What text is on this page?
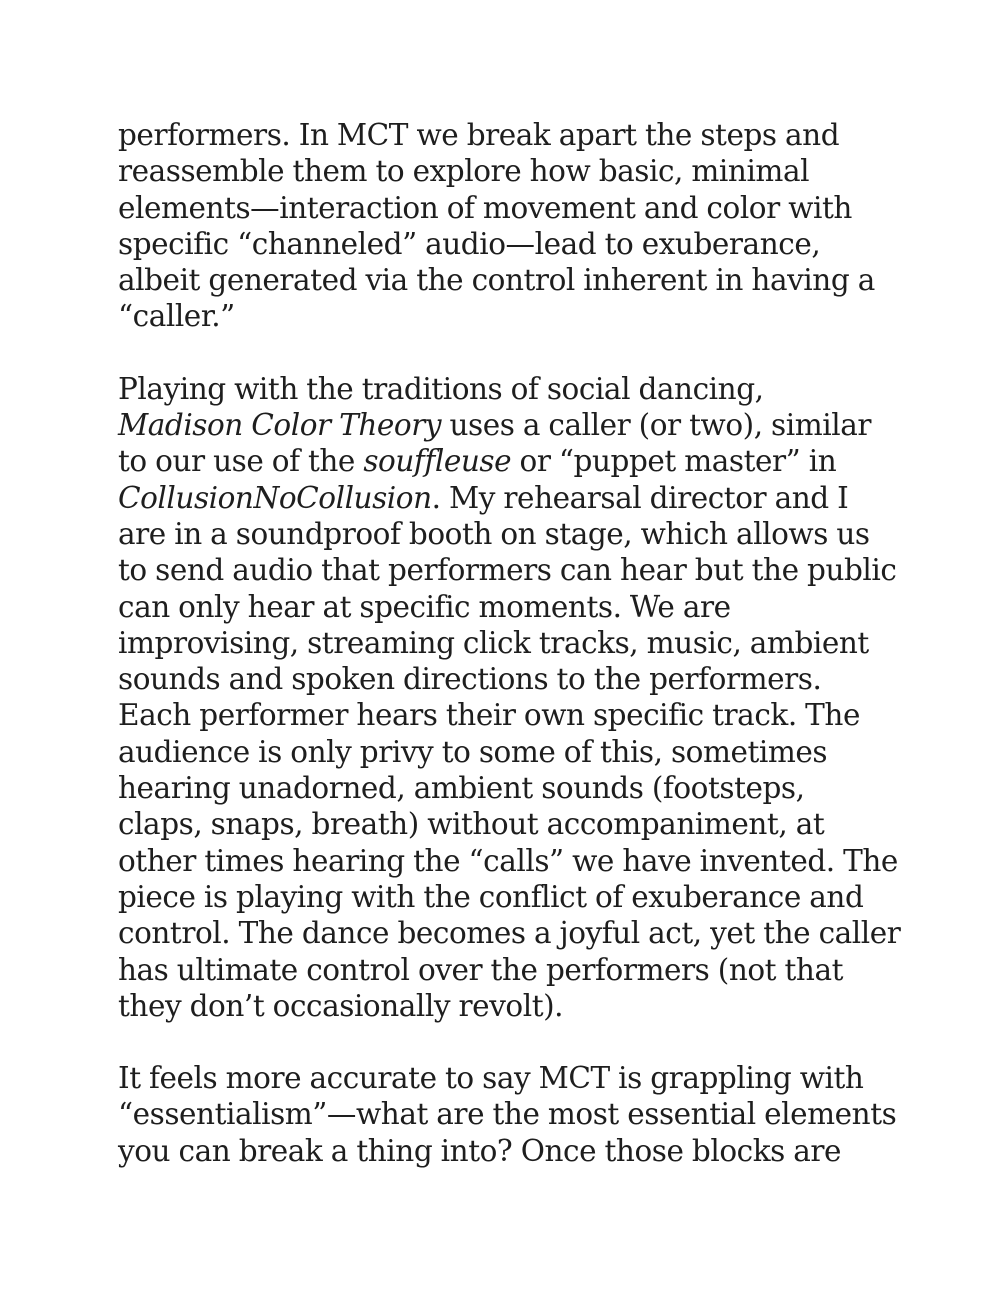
performers. In MCT we break apart the steps and
reassemble them to explore how basic, minimal
elements—interaction of movement and color with
specific “channeled” audio—lead to exuberance,
albeit generated via the control inherent in having a
“caller.”
Playing with the traditions of social dancing,
Madison Color Theory uses a caller (or two), similar
to our use of the souffleuse or “puppet master” in
CollusionNoCollusion. My rehearsal director and I
are in a soundproof booth on stage, which allows us
to send audio that performers can hear but the public
can only hear at specific moments. We are
improvising, streaming click tracks, music, ambient
sounds and spoken directions to the performers.
Each performer hears their own specific track. The
audience is only privy to some of this, sometimes
hearing unadorned, ambient sounds (footsteps,
claps, snaps, breath) without accompaniment, at
other times hearing the “calls” we have invented. The
piece is playing with the conflict of exuberance and
control. The dance becomes a joyful act, yet the caller
has ultimate control over the performers (not that
they don’t occasionally revolt).
It feels more accurate to say MCT is grappling with
“essentialism”—what are the most essential elements
you can break a thing into? Once those blocks are
